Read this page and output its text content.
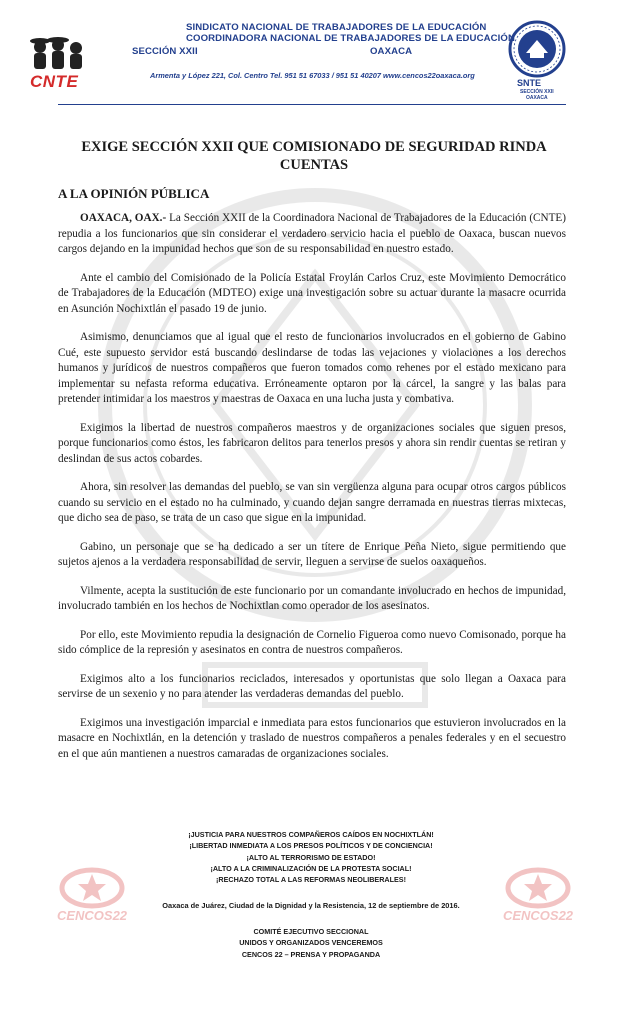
CNTE
SINDICATO NACIONAL DE TRABAJADORES DE LA EDUCACIÓN
COORDINADORA NACIONAL DE TRABAJADORES DE LA EDUCACIÓN
SECCIÓN XXII	OAXACA
Armenta y López 221, Col. Centro Tel. 951 51 67033 / 951 51 40207 www.cencos22oaxaca.org
SNTE
SECCIÓN XXII
OAXACA
EXIGE SECCIÓN XXII QUE COMISIONADO DE SEGURIDAD RINDA CUENTAS
A LA OPINIÓN PÚBLICA

OAXACA, OAX.- La Sección XXII de la Coordinadora Nacional de Trabajadores de la Educación (CNTE) repudia a los funcionarios que sin considerar el verdadero servicio hacia el pueblo de Oaxaca, buscan nuevos cargos dejando en la impunidad hechos que son de su responsabilidad en nuestro estado.

Ante el cambio del Comisionado de la Policía Estatal Froylán Carlos Cruz, este Movimiento Democrático de Trabajadores de la Educación (MDTEO) exige una investigación sobre su actuar durante la masacre ocurrida en Asunción Nochixtlán el pasado 19 de junio.

Asimismo, denunciamos que al igual que el resto de funcionarios involucrados en el gobierno de Gabino Cué, este supuesto servidor está buscando deslindarse de todas las vejaciones y violaciones a los derechos humanos y jurídicos de nuestros compañeros que fueron tomados como rehenes por el estado mexicano para implementar su nefasta reforma educativa. Erróneamente optaron por la cárcel, la sangre y las balas para pretender intimidar a los maestros y maestras de Oaxaca en una lucha justa y combativa.

Exigimos la libertad de nuestros compañeros maestros y de organizaciones sociales que siguen presos, porque funcionarios como éstos, les fabricaron delitos para tenerlos presos y ahora sin rendir cuentas se retiran y deslindan de sus actos cobardes.

Ahora, sin resolver las demandas del pueblo, se van sin vergüenza alguna para ocupar otros cargos públicos cuando su servicio en el estado no ha culminado, y cuando dejan sangre derramada en nuestras tierras mixtecas, que dicho sea de paso, se trata de un caso que sigue en la impunidad.

Gabino, un personaje que se ha dedicado a ser un títere de Enrique Peña Nieto, sigue permitiendo que sujetos ajenos a la verdadera responsabilidad de servir, lleguen a servirse de suelos oaxaqueños.

Vilmente, acepta la sustitución de este funcionario por un comandante involucrado en hechos de impunidad, involucrado también en los hechos de Nochixtlan como operador de los asesinatos.

Por ello, este Movimiento repudia la designación de Cornelio Figueroa como nuevo Comisonado, porque ha sido cómplice de la represión y asesinatos en contra de nuestros compañeros.

Exigimos alto a los funcionarios reciclados, interesados y oportunistas que solo llegan a Oaxaca para servirse de un sexenio y no para atender las verdaderas demandas del pueblo.

Exigimos una investigación imparcial e inmediata para estos funcionarios que estuvieron involucrados en la masacre en Nochixtlán, en la detención y traslado de nuestros compañeros a penales federales y en el secuestro en el que aún mantienen a nuestros camaradas de organizaciones sociales.

¡JUSTICIA PARA NUESTROS COMPAÑEROS CAÍDOS EN NOCHIXTLÁN!
¡LIBERTAD INMEDIATA A LOS PRESOS POLÍTICOS Y DE CONCIENCIA!
¡ALTO AL TERRORISMO DE ESTADO!
¡ALTO A LA CRIMINALIZACIÓN DE LA PROTESTA SOCIAL!
¡RECHAZO TOTAL A LAS REFORMAS NEOLIBERALES!
Oaxaca de Juárez, Ciudad de la Dignidad y la Resistencia, 12 de septiembre de 2016.
COMITÉ EJECUTIVO SECCIONAL
UNIDOS Y ORGANIZADOS VENCEREMOS
CENCOS 22 – PRENSA Y PROPAGANDA
CENCOS22	CENCOS22
